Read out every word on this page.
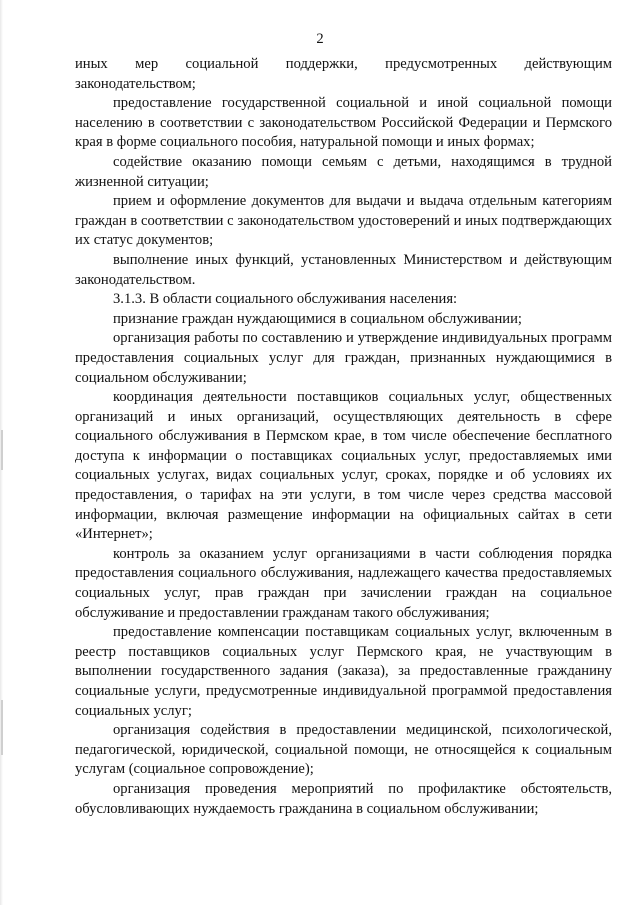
2

иных мер социальной поддержки, предусмотренных действующим законодательством;

предоставление государственной социальной и иной социальной помощи населению в соответствии с законодательством Российской Федерации и Пермского края в форме социального пособия, натуральной помощи и иных формах;

содействие оказанию помощи семьям с детьми, находящимся в трудной жизненной ситуации;

прием и оформление документов для выдачи и выдача отдельным категориям граждан в соответствии с законодательством удостоверений и иных подтверждающих их статус документов;

выполнение иных функций, установленных Министерством и действующим законодательством.

3.1.3. В области социального обслуживания населения:

признание граждан нуждающимися в социальном обслуживании;

организация работы по составлению и утверждение индивидуальных программ предоставления социальных услуг для граждан, признанных нуждающимися в социальном обслуживании;

координация деятельности поставщиков социальных услуг, общественных организаций и иных организаций, осуществляющих деятельность в сфере социального обслуживания в Пермском крае, в том числе обеспечение бесплатного доступа к информации о поставщиках социальных услуг, предоставляемых ими социальных услугах, видах социальных услуг, сроках, порядке и об условиях их предоставления, о тарифах на эти услуги, в том числе через средства массовой информации, включая размещение информации на официальных сайтах в сети «Интернет»;

контроль за оказанием услуг организациями в части соблюдения порядка предоставления социального обслуживания, надлежащего качества предоставляемых социальных услуг, прав граждан при зачислении граждан на социальное обслуживание и предоставлении гражданам такого обслуживания;

предоставление компенсации поставщикам социальных услуг, включенным в реестр поставщиков социальных услуг Пермского края, не участвующим в выполнении государственного задания (заказа), за предоставленные гражданину социальные услуги, предусмотренные индивидуальной программой предоставления социальных услуг;

организация содействия в предоставлении медицинской, психологической, педагогической, юридической, социальной помощи, не относящейся к социальным услугам (социальное сопровождение);

организация проведения мероприятий по профилактике обстоятельств, обусловливающих нуждаемость гражданина в социальном обслуживании;
